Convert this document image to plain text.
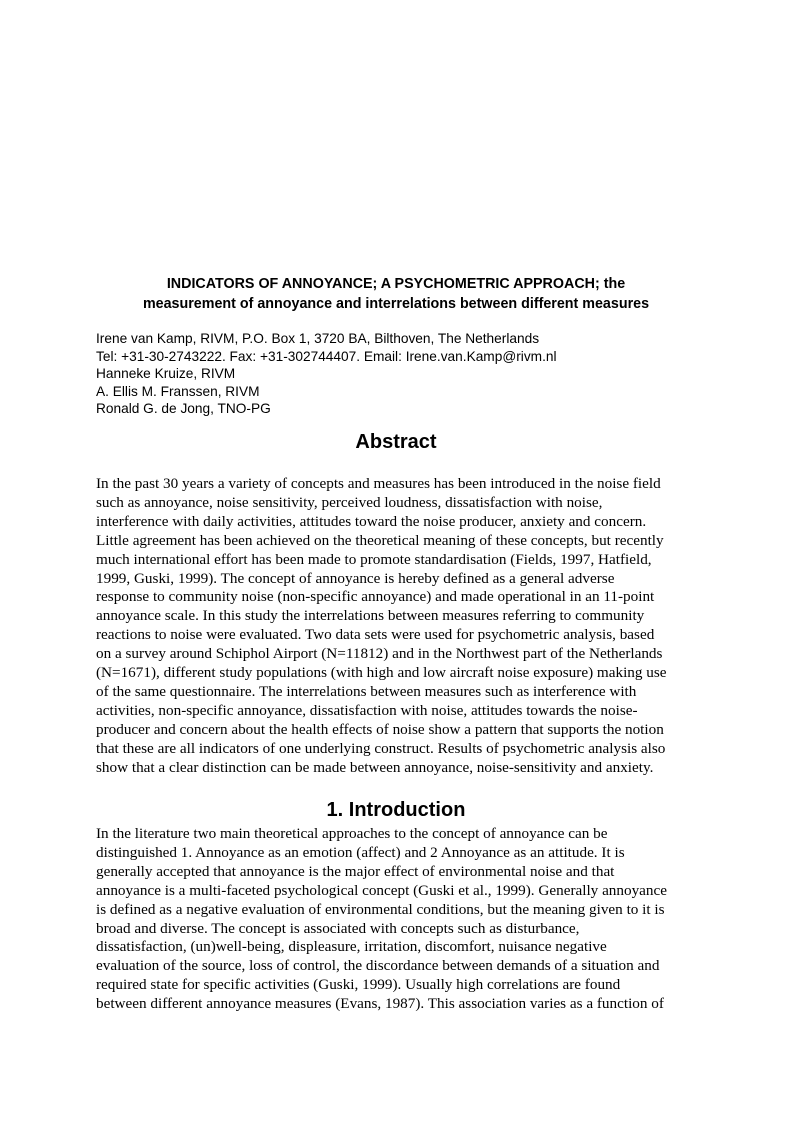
INDICATORS OF ANNOYANCE; A PSYCHOMETRIC APPROACH; the
measurement of annoyance and interrelations between different measures
Irene van Kamp, RIVM, P.O. Box 1, 3720 BA, Bilthoven, The Netherlands
Tel: +31-30-2743222. Fax: +31-302744407. Email: Irene.van.Kamp@rivm.nl
Hanneke Kruize, RIVM
A. Ellis M. Franssen, RIVM
Ronald G. de Jong, TNO-PG
Abstract
In the past 30 years a variety of concepts and measures has been introduced in the noise field
such as annoyance, noise sensitivity, perceived loudness, dissatisfaction with noise,
interference with daily activities, attitudes toward the noise producer, anxiety and concern.
Little agreement has been achieved on the theoretical meaning of these concepts, but recently
much international effort has been made to promote standardisation (Fields, 1997, Hatfield,
1999, Guski, 1999). The concept of annoyance is hereby defined as a general adverse
response to community noise (non-specific annoyance) and made operational in an 11-point
annoyance scale. In this study the interrelations between measures referring to community
reactions to noise were evaluated. Two data sets were used for psychometric analysis, based
on a survey around Schiphol Airport (N=11812) and in the Northwest part of the Netherlands
(N=1671), different study populations (with high and low aircraft noise exposure) making use
of the same questionnaire. The interrelations between measures such as interference with
activities, non-specific annoyance, dissatisfaction with noise, attitudes towards the noise-
producer and concern about the health effects of noise show a pattern that supports the notion
that these are all indicators of one underlying construct. Results of psychometric analysis also
show that a clear distinction can be made between annoyance, noise-sensitivity and anxiety.
1. Introduction
In the literature two main theoretical approaches to the concept of annoyance can be
distinguished 1. Annoyance as an emotion (affect) and 2 Annoyance as an attitude. It is
generally accepted that annoyance is the major effect of environmental noise and that
annoyance is a multi-faceted psychological concept (Guski et al., 1999). Generally annoyance
is defined as a negative evaluation of environmental conditions, but the meaning given to it is
broad and diverse. The concept is associated with concepts such as disturbance,
dissatisfaction, (un)well-being, displeasure, irritation, discomfort, nuisance negative
evaluation of the source, loss of control, the discordance between demands of a situation and
required state for specific activities (Guski, 1999). Usually high correlations are found
between different annoyance measures (Evans, 1987). This association varies as a function of
